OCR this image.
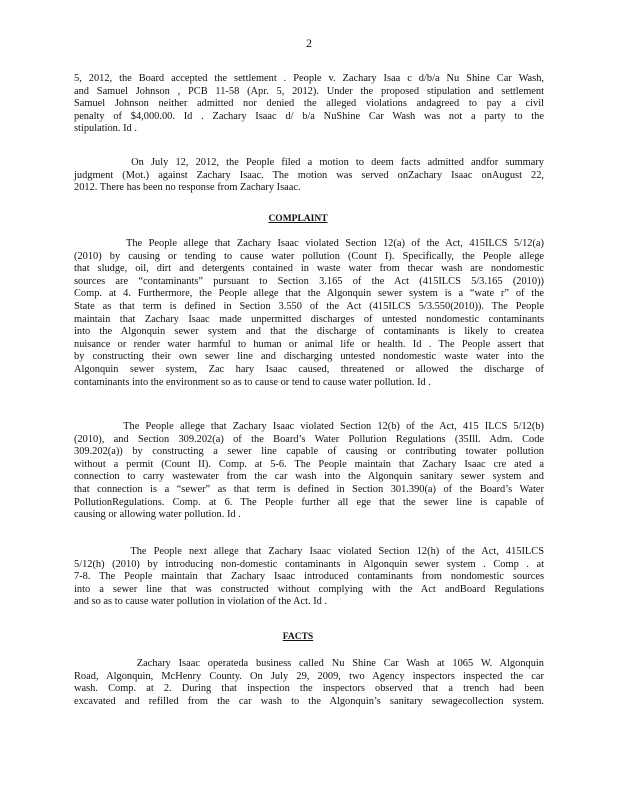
2
5, 2012, the Board accepted the settlement . People v. Zachary Isaa c d/b/a Nu Shine Car Wash,
and Samuel Johnson , PCB 11-58 (Apr. 5, 2012). Under the proposed stipulation and settlement
Samuel Johnson neither admitted nor denied the alleged violations andagreed to pay a civil
penalty of $4,000.00. Id . Zachary Isaac d/ b/a NuShine Car Wash was not a party to the
stipulation. Id .
On July 12, 2012, the People filed a motion to deem facts admitted andfor summary
judgment (Mot.) against Zachary Isaac. The motion was served onZachary Isaac onAugust 22,
2012. There has been no response from Zachary Isaac.
COMPLAINT
The People allege that Zachary Isaac violated Section 12(a) of the Act, 415ILCS 5/12(a)
(2010) by causing or tending to cause water pollution (Count I). Specifically, the People allege
that sludge, oil, dirt and detergents contained in waste water from thecar wash are nondomestic
sources are “contaminants” pursuant to Section 3.165 of the Act (415ILCS 5/3.165 (2010))
Comp. at 4. Furthermore, the People allege that the Algonquin sewer system is a “wate r” of the
State as that term is defined in Section 3.550 of the Act (415ILCS 5/3.550(2010)). The People
maintain that Zachary Isaac made unpermitted discharges of untested nondomestic contaminants
into the Algonquin sewer system and that the discharge of contaminants is likely to createa
nuisance or render water harmful to human or animal life or health. Id . The People assert that
by constructing their own sewer line and discharging untested nondomestic waste water into the
Algonquin sewer system, Zac hary Isaac caused, threatened or allowed the discharge of
contaminants into the environment so as to cause or tend to cause water pollution. Id .
The People allege that Zachary Isaac violated Section 12(b) of the Act, 415 ILCS 5/12(b)
(2010), and Section 309.202(a) of the Board’s Water Pollution Regulations (35Ill. Adm. Code
309.202(a)) by constructing a sewer line capable of causing or contributing towater pollution
without a permit (Count II). Comp. at 5-6. The People maintain that Zachary Isaac cre ated a
connection to carry wastewater from the car wash into the Algonquin sanitary sewer system and
that connection is a “sewer” as that term is defined in Section 301.390(a) of the Board’s Water
PollutionRegulations. Comp. at 6. The People further all ege that the sewer line is capable of
causing or allowing water pollution. Id .
The People next allege that Zachary Isaac violated Section 12(h) of the Act, 415ILCS
5/12(h) (2010) by introducing non-domestic contaminants in Algonquin sewer system . Comp . at
7-8. The People maintain that Zachary Isaac introduced contaminants from nondomestic sources
into a sewer line that was constructed without complying with the Act andBoard Regulations
and so as to cause water pollution in violation of the Act. Id .
FACTS
Zachary Isaac operateda business called Nu Shine Car Wash at 1065 W. Algonquin
Road, Algonquin, McHenry County. On July 29, 2009, two Agency inspectors inspected the car
wash. Comp. at 2. During that inspection the inspectors observed that a trench had been
excavated and refilled from the car wash to the Algonquin’s sanitary sewagecollection system.
